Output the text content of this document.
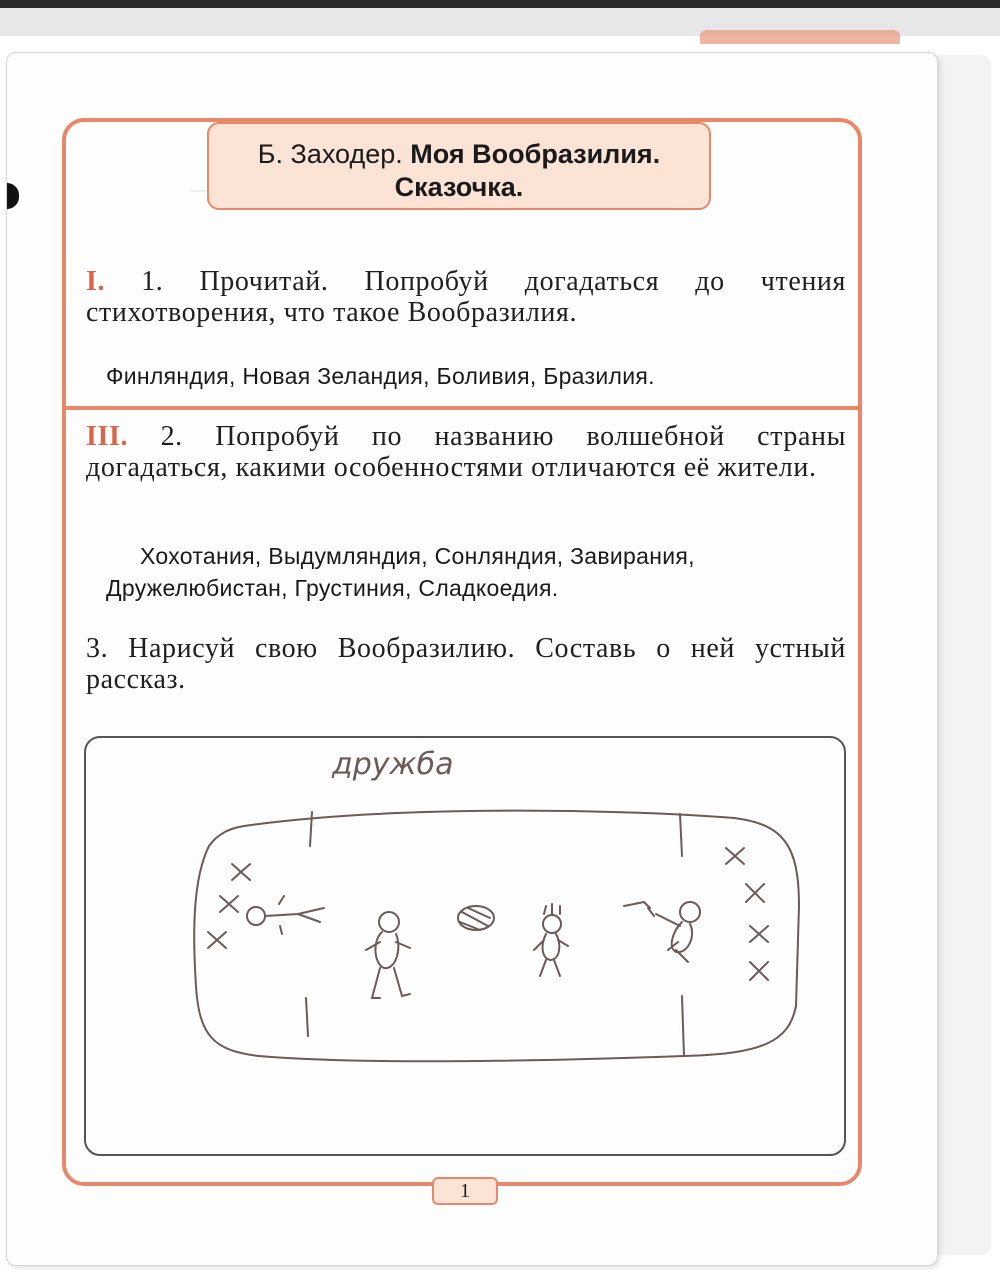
Б. Заходер. Моя Вообразилия.
Сказочка.
I. 1. Прочитай. Попробуй догадаться до чтения стихотворения, что такое Вообразилия.
Финляндия, Новая Зеландия, Боливия, Бразилия.
III. 2. Попробуй по названию волшебной страны догадаться, какими особенностями отличаются её жители.
Хохотания, Выдумляндия, Сонляндия, Завирания,
Дружелюбистан, Грустиния, Сладкоедия.
3. Нарисуй свою Вообразилию. Составь о ней устный рассказ.
дружба
1
